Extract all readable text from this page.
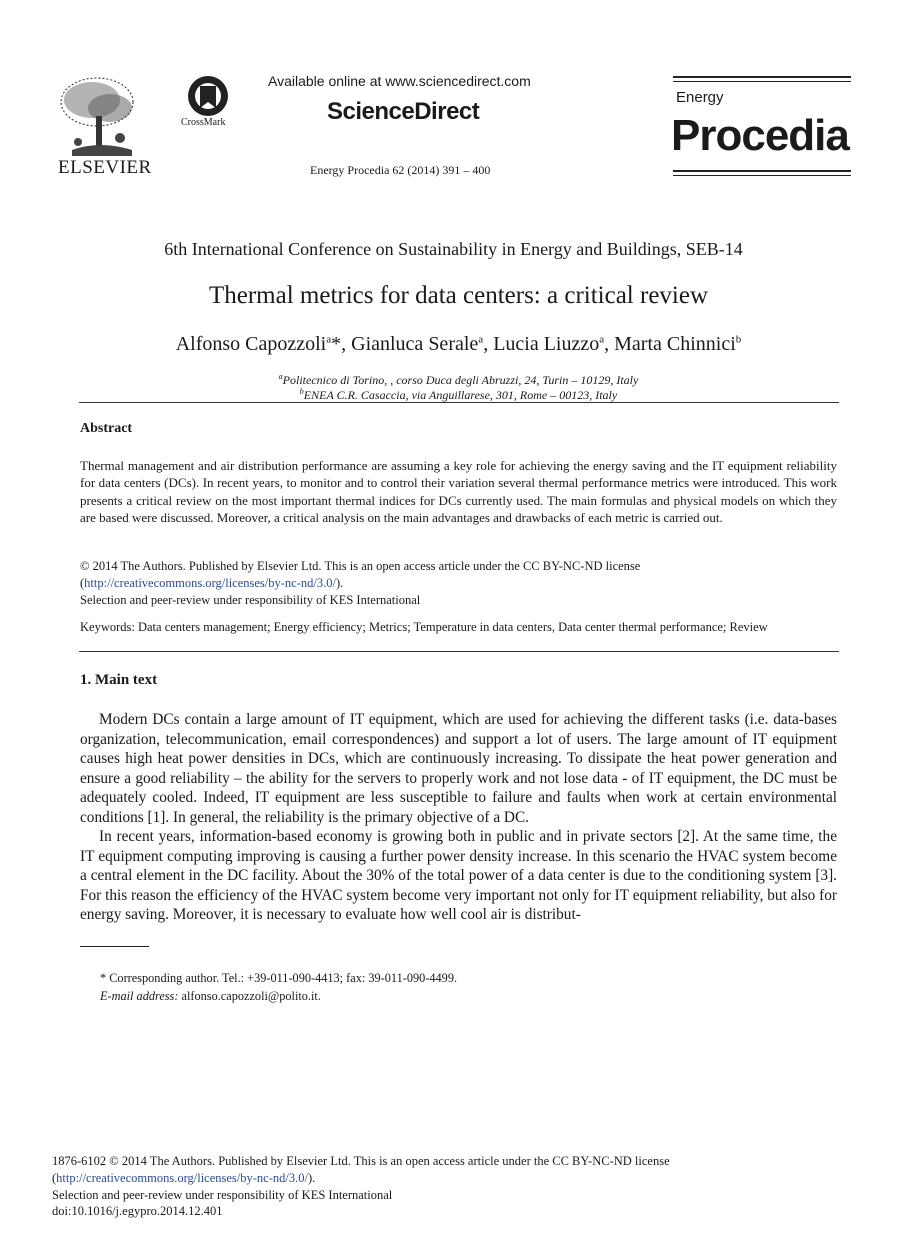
ELSEVIER
CrossMark
Available online at www.sciencedirect.com
ScienceDirect
Energy Procedia 62 (2014) 391 – 400
Energy
Procedia
6th International Conference on Sustainability in Energy and Buildings, SEB-14
Thermal metrics for data centers: a critical review
Alfonso Capozzoli$^a$*, Gianluca Serale$^a$, Lucia Liuzzo$^a$, Marta Chinnici$^b$
$^a$Politecnico di Torino, , corso Duca degli Abruzzi, 24, Turin – 10129, Italy
$^b$ENEA C.R. Casaccia, via Anguillarese, 301, Rome – 00123, Italy
Abstract
Thermal management and air distribution performance are assuming a key role for achieving the energy saving and the IT equipment reliability for data centers (DCs). In recent years, to monitor and to control their variation several thermal performance metrics were introduced. This work presents a critical review on the most important thermal indices for DCs currently used. The main formulas and physical models on which they are based were discussed. Moreover, a critical analysis on the main advantages and drawbacks of each metric is carried out.
© 2014 The Authors. Published by Elsevier Ltd. This is an open access article under the CC BY-NC-ND license
(http://creativecommons.org/licenses/by-nc-nd/3.0/).
Selection and peer-review under responsibility of KES International
Keywords: Data centers management; Energy efficiency; Metrics; Temperature in data centers, Data center thermal performance; Review
1. Main text
Modern DCs contain a large amount of IT equipment, which are used for achieving the different tasks (i.e. data-bases organization, telecommunication, email correspondences) and support a lot of users. The large amount of IT equipment causes high heat power densities in DCs, which are continuously increasing. To dissipate the heat power generation and ensure a good reliability – the ability for the servers to properly work and not lose data - of IT equipment, the DC must be adequately cooled. Indeed, IT equipment are less susceptible to failure and faults when work at certain environmental conditions [1]. In general, the reliability is the primary objective of a DC.
In recent years, information-based economy is growing both in public and in private sectors [2]. At the same time, the IT equipment computing improving is causing a further power density increase. In this scenario the HVAC system become a central element in the DC facility. About the 30% of the total power of a data center is due to the conditioning system [3]. For this reason the efficiency of the HVAC system become very important not only for IT equipment reliability, but also for energy saving. Moreover, it is necessary to evaluate how well cool air is distribut-
* Corresponding author. Tel.: +39-011-090-4413; fax: 39-011-090-4499.
E-mail address: alfonso.capozzoli@polito.it.
1876-6102 © 2014 The Authors. Published by Elsevier Ltd. This is an open access article under the CC BY-NC-ND license
(http://creativecommons.org/licenses/by-nc-nd/3.0/).
Selection and peer-review under responsibility of KES International
doi:10.1016/j.egypro.2014.12.401
